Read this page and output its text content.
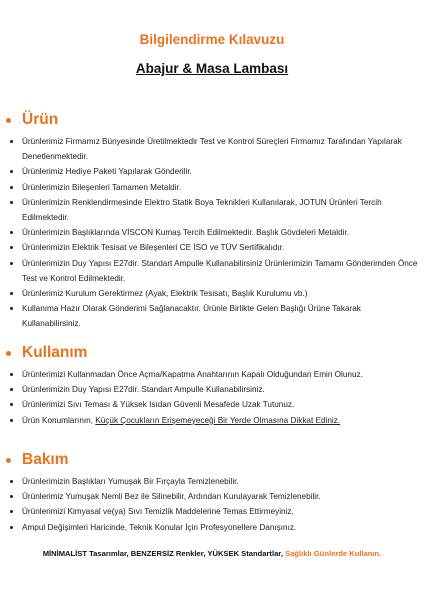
Bilgilendirme Kılavuzu
Abajur & Masa Lambası
Ürün
Ürünlerimiz Firmamız Bünyesinde Üretilmektedir Test ve Kontrol Süreçleri Firmamız Tarafından Yapılarak Denetlenmektedir.
Ürünlerimiz Hediye Paketi Yapılarak Gönderilir.
Ürünlerimizin Bileşenleri Tamamen Metaldir.
Ürünlerimizin Renklendirmesinde Elektro Statik Boya Teknikleri Kullanılarak, JOTUN Ürünleri Tercih Edilmektedir.
Ürünlerimizin Başlıklarında VİSCON Kumaş Tercih Edilmektedir. Başlık Gövdeleri Metaldir.
Ürünlerimizin Elektrik Tesisat ve Bileşenleri CE İSO ve TÜV Sertifikalıdır.
Ürünlerimizin Duy Yapısı E27dir. Standart Ampulle Kullanabilirsiniz Ürünlerimizin Tamamı Gönderimden Önce Test ve Kontrol Edilmektedir.
Ürünlerimiz Kurulum Gerektirmez (Ayak, Elektrik Tesisatı, Başlık Kurulumu vb.)
Kullanıma Hazır Olarak Gönderimi Sağlanacaktır. Ürünle Birlikte Gelen Başlığı Ürüne Takarak Kullanabilirsiniz.
Kullanım
Ürünlerimizi Kullanmadan Önce Açma/Kapatma Anahtarının Kapalı Olduğundan Emin Olunuz.
Ürünlerimizin Duy Yapısı E27dir. Standart Ampulle Kullanabilirsiniz.
Ürünlerimizi Sıvı Teması & Yüksek Isıdan Güvenli Mesafede Uzak Tutunuz.
Ürün Konumlarının, Küçük Çocukların Erişemeyeceği Bir Yerde Olmasına Dikkat Ediniz.
Bakım
Ürünlerimizin Başlıkları Yumuşak Bir Fırçayla Temizlenebilir.
Ürünlerimiz Yumuşak Nemli Bez ile Silinebilir, Ardından Kurulayarak Temizlenebilir.
Ürünlerimizi Kimyasal ve(ya) Sıvı Temizlik Maddelerine Temas Ettirmeyiniz.
Ampul Değişimleri Haricinde, Teknik Konular İçin Profesyonellere Danışınız.
MİNİMALİST Tasarımlar, BENZERSİZ Renkler, YÜKSEK Standartlar, Sağlıklı Günlerde Kullanın.
